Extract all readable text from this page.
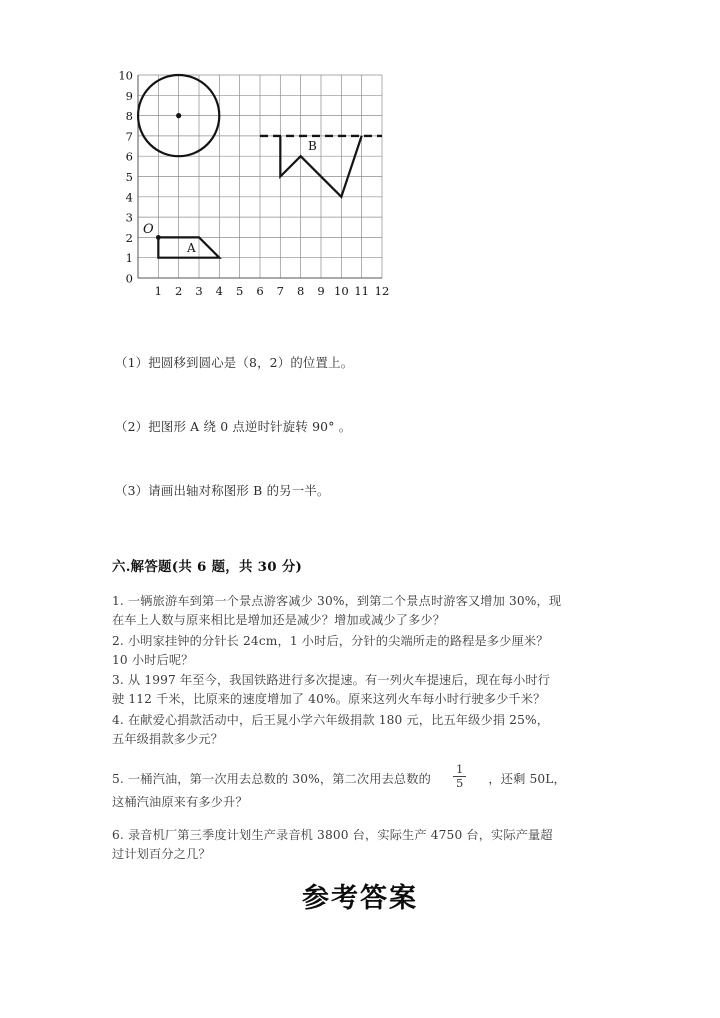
A
B
O
10
9
8
7
6
5
4
3
2
1
0
1 2 3 4 5 6 7 8 9 10 11 12
（1）把圆移到圆心是（8，2）的位置上。
（2）把图形 A 绕 0 点逆时针旋转 90° 。
（3）请画出轴对称图形 B 的另一半。
六.解答题(共 6 题，共 30 分)

1. 一辆旅游车到第一个景点游客减少 30%，到第二个景点时游客又增加 30%，现
在车上人数与原来相比是增加还是减少？增加或减少了多少？

2. 小明家挂钟的分针长 24cm，1 小时后，分针的尖端所走的路程是多少厘米？
10 小时后呢？

3. 从 1997 年至今，我国铁路进行多次提速。有一列火车提速后，现在每小时行
驶 112 千米，比原来的速度增加了 40%。原来这列火车每小时行驶多少千米？

4. 在献爱心捐款活动中，后王晁小学六年级捐款 180 元，比五年级少捐 25%，
五年级捐款多少元？

5. 一桶汽油，第一次用去总数的 30%，第二次用去总数的 $\frac{1}{5}$ ，还剩 50L，
这桶汽油原来有多少升？

6. 录音机厂第三季度计划生产录音机 3800 台，实际生产 4750 台，实际产量超
过计划百分之几？

参考答案
